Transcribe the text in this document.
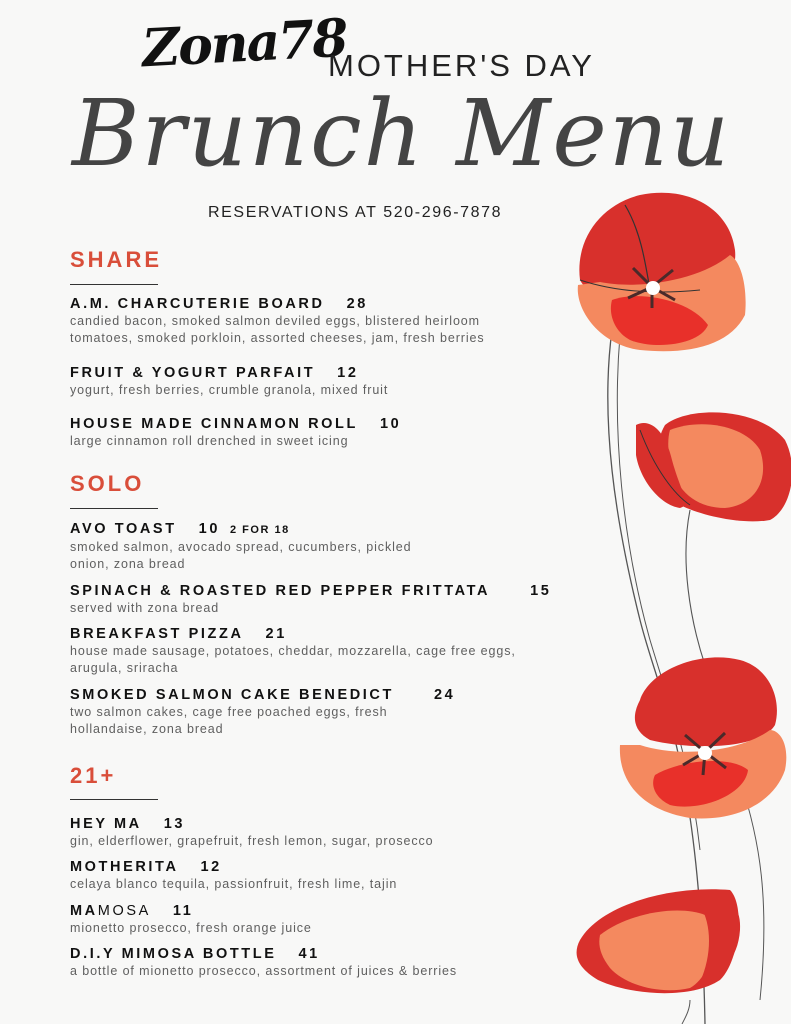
Zona78
MOTHER'S DAY
Brunch Menu
RESERVATIONS AT 520-296-7878
SHARE
A.M. CHARCUTERIE BOARD 28
candied bacon, smoked salmon deviled eggs, blistered heirloom
tomatoes, smoked porkloin, assorted cheeses, jam, fresh berries
FRUIT & YOGURT PARFAIT 12
yogurt, fresh berries, crumble granola, mixed fruit
HOUSE MADE CINNAMON ROLL 10
large cinnamon roll drenched in sweet icing
SOLO
AVO TOAST 10 2 FOR 18
smoked salmon, avocado spread, cucumbers, pickled
onion, zona bread
SPINACH & ROASTED RED PEPPER FRITTATA	15
served with zona bread
BREAKFAST PIZZA 21
house made sausage, potatoes, cheddar, mozzarella, cage free eggs,
arugula, sriracha
SMOKED SALMON CAKE BENEDICT	24
two salmon cakes, cage free poached eggs, fresh
hollandaise, zona bread
21+
HEY MA 13
gin, elderflower, grapefruit, fresh lemon, sugar, prosecco
MOTHERITA 12
celaya blanco tequila, passionfruit, fresh lime, tajin
MAMOSA 11
mionetto prosecco, fresh orange juice
D.I.Y MIMOSA BOTTLE 41
a bottle of mionetto prosecco, assortment of juices & berries
